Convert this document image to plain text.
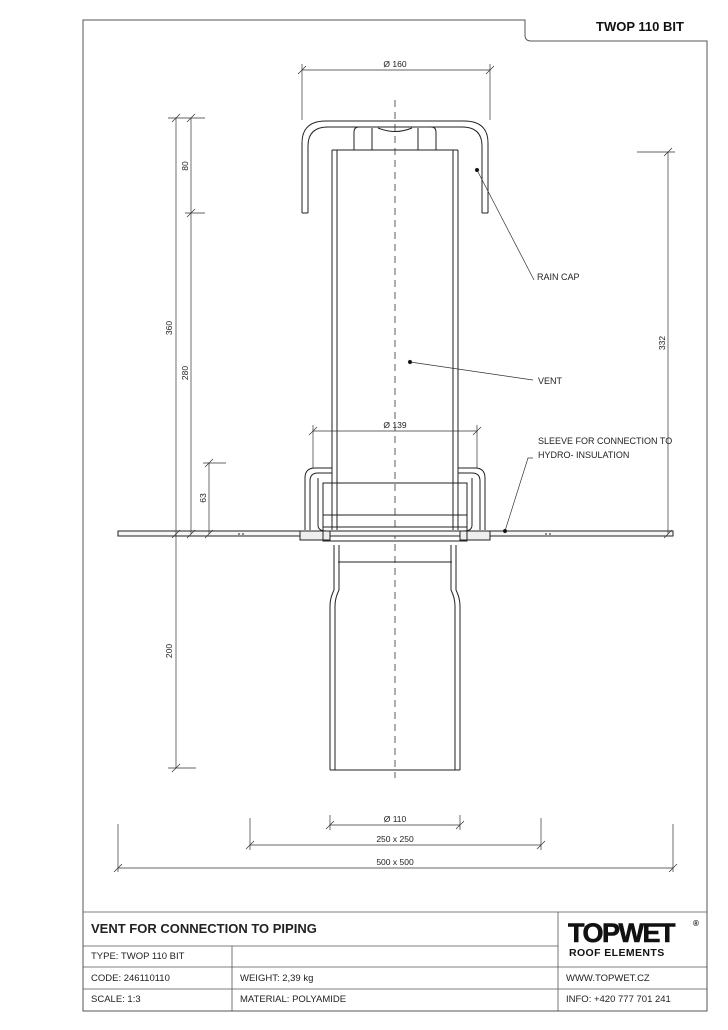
TWOP 110 BIT
Ø 160
Ø 139
Ø 110
250 x 250
500 x 500
80
360
280
63
200
332
RAIN CAP
VENT
SLEEVE FOR CONNECTION TO
HYDRO- INSULATION
VENT FOR CONNECTION TO PIPING
TYPE: TWOP 110 BIT
CODE: 246110110	WEIGHT: 2,39 kg
SCALE: 1:3	MATERIAL: POLYAMIDE
WWW.TOPWET.CZ
INFO: +420 777 701 241
TOPWET ®
ROOF ELEMENTS
